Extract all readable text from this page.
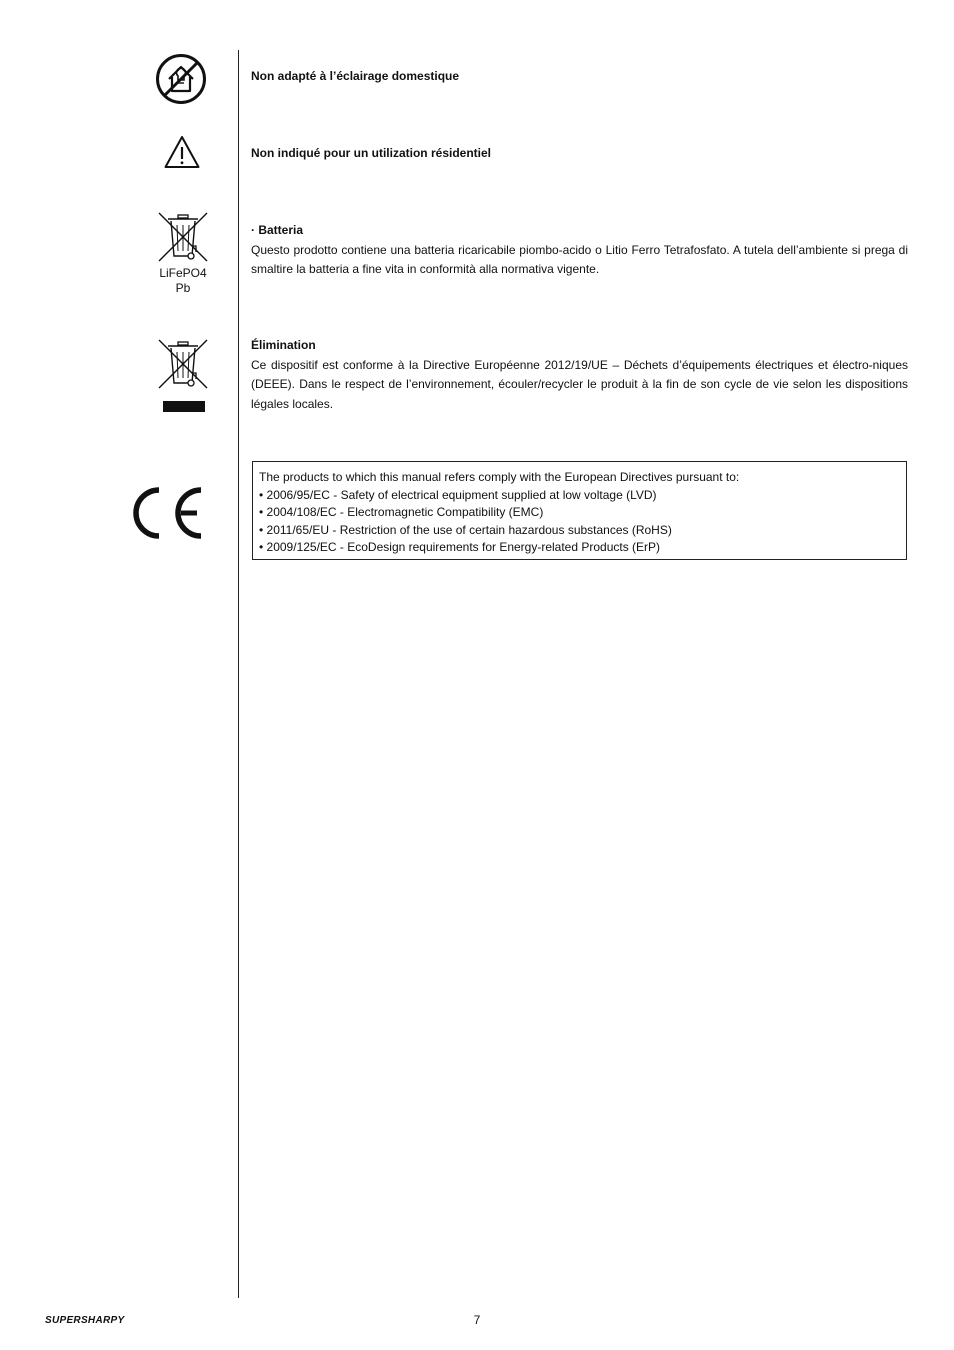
Non adapté à l’éclairage domestique
Non indiqué pour un utilization résidentiel
LiFePO4
Pb
· Batteria
Questo prodotto contiene una batteria ricaricabile piombo-acido o Litio Ferro Tetrafosfato. A tutela dell’ambiente si prega di smaltire la batteria a fine vita in conformità alla normativa vigente.
Élimination
Ce dispositif est conforme à la Directive Européenne 2012/19/UE – Déchets d’équipements électriques et électro-niques (DEEE). Dans le respect de l’environnement, écouler/recycler le produit à la fin de son cycle de vie selon les dispositions légales locales.
The products to which this manual refers comply with the European Directives pursuant to:
• 2006/95/EC - Safety of electrical equipment supplied at low voltage (LVD)
• 2004/108/EC - Electromagnetic Compatibility (EMC)
• 2011/65/EU - Restriction of the use of certain hazardous substances (RoHS)
• 2009/125/EC - EcoDesign requirements for Energy-related Products (ErP)
SUPERSHARPY	7
